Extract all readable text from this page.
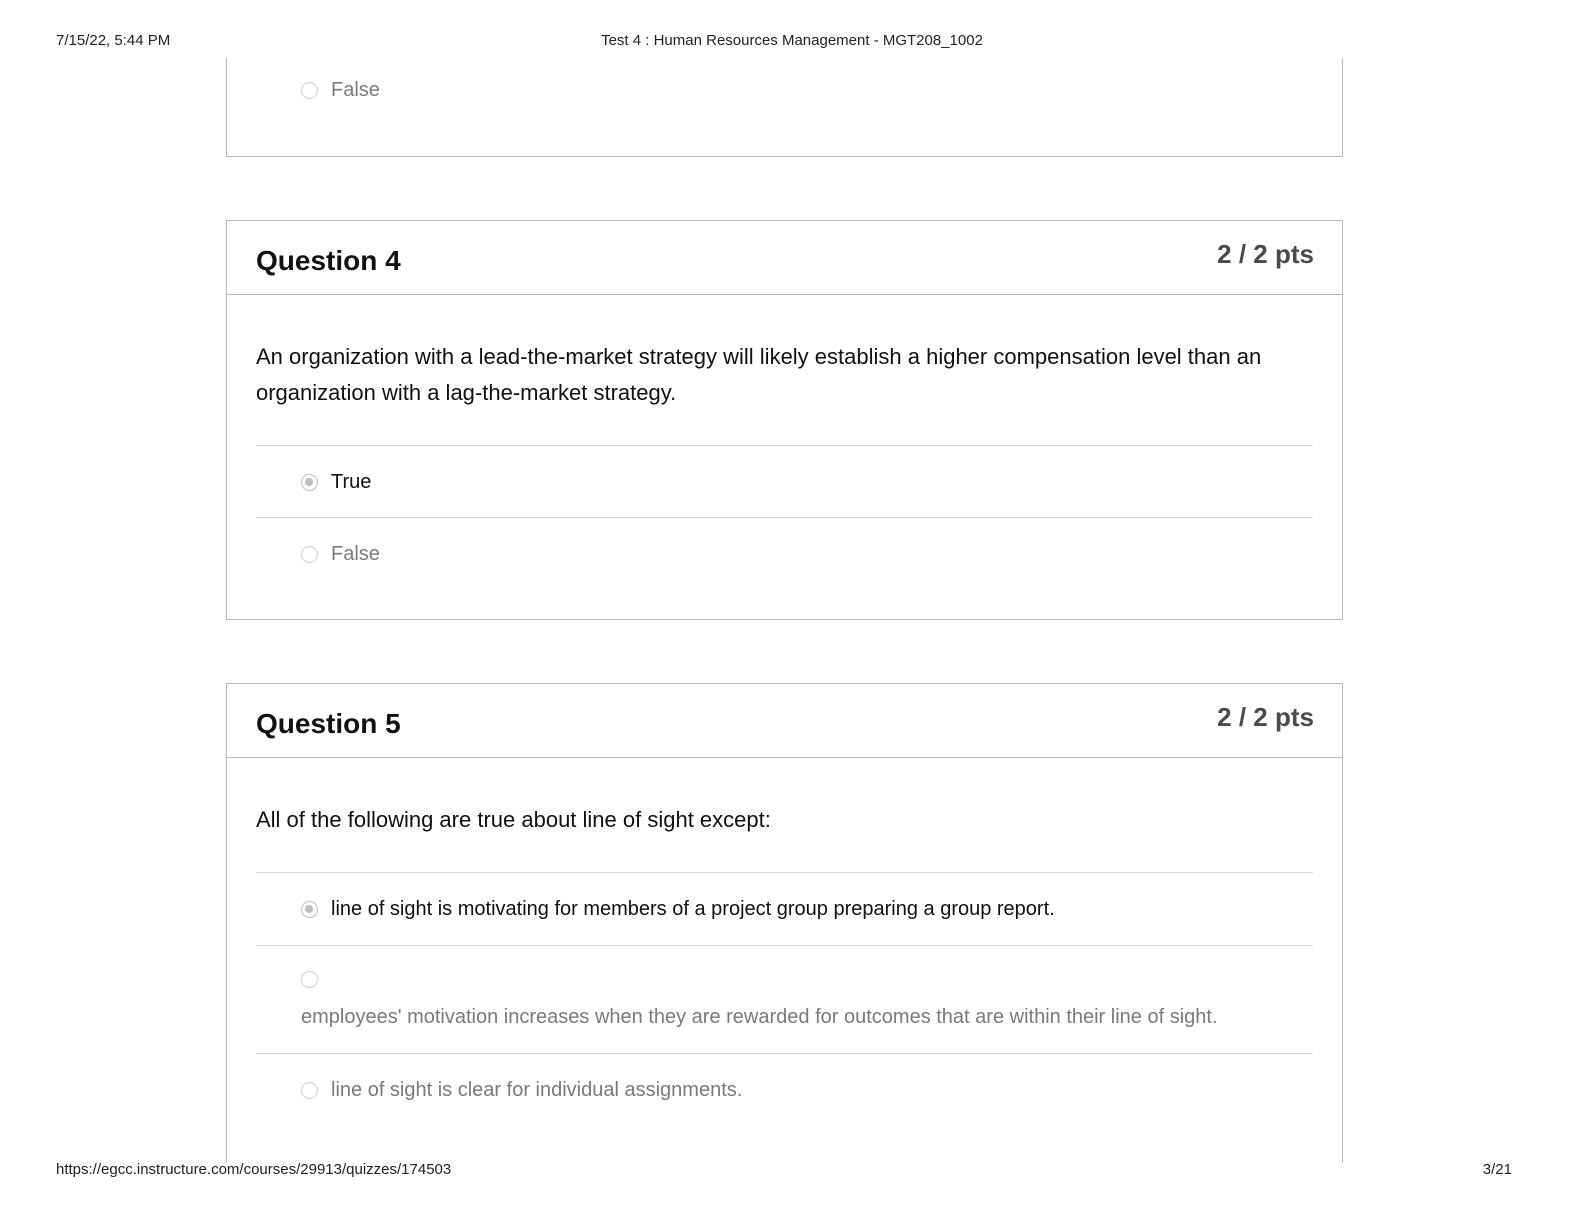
7/15/22, 5:44 PM	Test 4 : Human Resources Management - MGT208_1002
False
Question 4	2 / 2 pts
An organization with a lead-the-market strategy will likely establish a higher compensation level than an organization with a lag-the-market strategy.
True
False
Question 5	2 / 2 pts
All of the following are true about line of sight except:
line of sight is motivating for members of a project group preparing a group report.
employees' motivation increases when they are rewarded for outcomes that are within their line of sight.
line of sight is clear for individual assignments.
https://egcc.instructure.com/courses/29913/quizzes/174503	3/21
